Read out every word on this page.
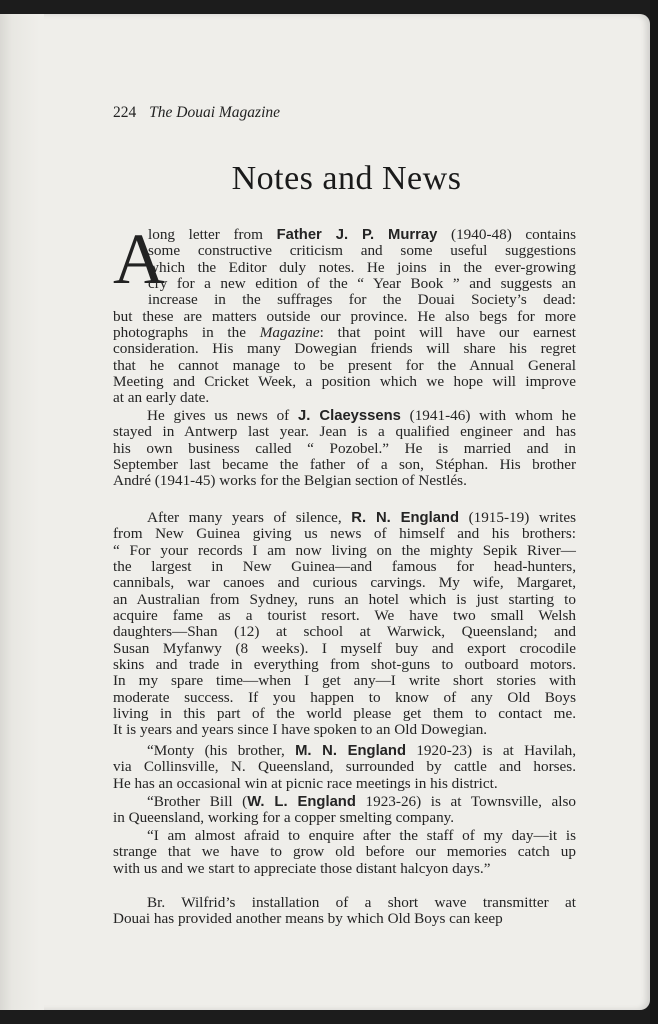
224 The Douai Magazine
Notes and News
A
long letter from Father J. P. Murray (1940-48) contains
some constructive criticism and some useful suggestions
which the Editor duly notes. He joins in the ever-growing
cry for a new edition of the “ Year Book ” and suggests an
increase in the suffrages for the Douai Society’s dead:
but these are matters outside our province. He also begs for more
photographs in the Magazine: that point will have our earnest
consideration. His many Dowegian friends will share his regret
that he cannot manage to be present for the Annual General
Meeting and Cricket Week, a position which we hope will improve
at an early date.
He gives us news of J. Claeyssens (1941-46) with whom he
stayed in Antwerp last year. Jean is a qualified engineer and has
his own business called “ Pozobel.” He is married and in
September last became the father of a son, Stéphan. His brother
André (1941-45) works for the Belgian section of Nestlés.
After many years of silence, R. N. England (1915-19) writes
from New Guinea giving us news of himself and his brothers:
“ For your records I am now living on the mighty Sepik River—
the largest in New Guinea—and famous for head-hunters,
cannibals, war canoes and curious carvings. My wife, Margaret,
an Australian from Sydney, runs an hotel which is just starting to
acquire fame as a tourist resort. We have two small Welsh
daughters—Shan (12) at school at Warwick, Queensland; and
Susan Myfanwy (8 weeks). I myself buy and export crocodile
skins and trade in everything from shot-guns to outboard motors.
In my spare time—when I get any—I write short stories with
moderate success. If you happen to know of any Old Boys
living in this part of the world please get them to contact me.
It is years and years since I have spoken to an Old Dowegian.
“Monty (his brother, M. N. England 1920-23) is at Havilah,
via Collinsville, N. Queensland, surrounded by cattle and horses.
He has an occasional win at picnic race meetings in his district.
“Brother Bill (W. L. England 1923-26) is at Townsville, also
in Queensland, working for a copper smelting company.
“I am almost afraid to enquire after the staff of my day—it is
strange that we have to grow old before our memories catch up
with us and we start to appreciate those distant halcyon days.”
Br. Wilfrid’s installation of a short wave transmitter at
Douai has provided another means by which Old Boys can keep
